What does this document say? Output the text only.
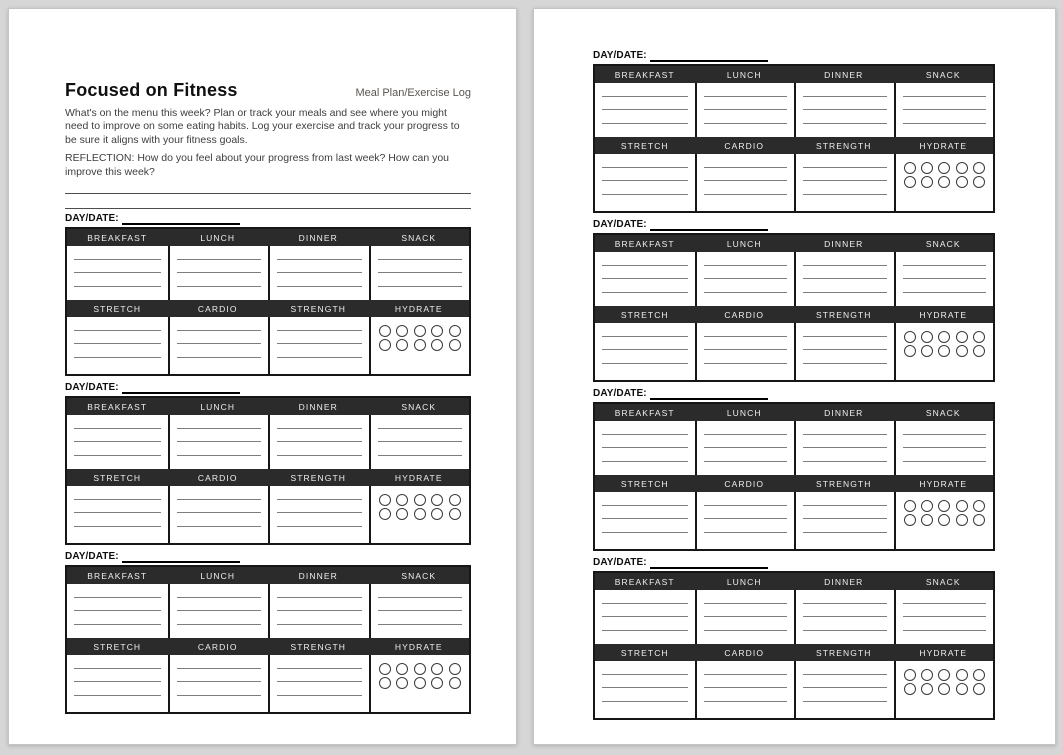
Focused on Fitness	Meal Plan/Exercise Log

What's on the menu this week? Plan or track your meals and see where you might need to improve on some eating habits. Log your exercise and track your progress to be sure it aligns with your fitness goals.

REFLECTION: How do you feel about your progress from last week? How can you improve this week?

DAY/DATE:
BREAKFAST	LUNCH	DINNER	SNACK
STRETCH	CARDIO	STRENGTH	HYDRATE
DAY/DATE:
BREAKFAST	LUNCH	DINNER	SNACK
STRETCH	CARDIO	STRENGTH	HYDRATE
DAY/DATE:
BREAKFAST	LUNCH	DINNER	SNACK
STRETCH	CARDIO	STRENGTH	HYDRATE
DAY/DATE:
BREAKFAST	LUNCH	DINNER	SNACK
STRETCH	CARDIO	STRENGTH	HYDRATE
DAY/DATE:
BREAKFAST	LUNCH	DINNER	SNACK
STRETCH	CARDIO	STRENGTH	HYDRATE
DAY/DATE:
BREAKFAST	LUNCH	DINNER	SNACK
STRETCH	CARDIO	STRENGTH	HYDRATE
DAY/DATE:
BREAKFAST	LUNCH	DINNER	SNACK
STRETCH	CARDIO	STRENGTH	HYDRATE
